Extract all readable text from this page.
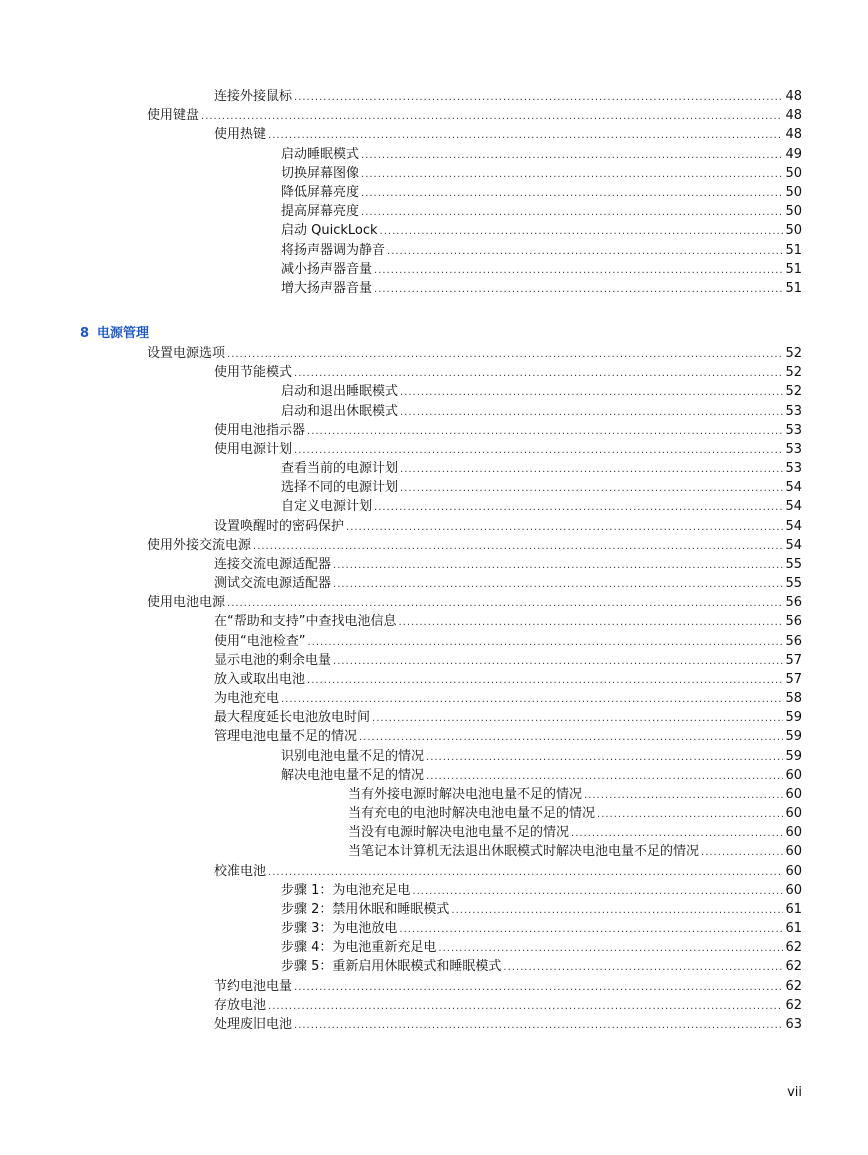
连接外接鼠标 .....	48
使用键盘 .....	48
使用热键 .....	48
启动睡眠模式 .....	49
切换屏幕图像 .....	50
降低屏幕亮度 .....	50
提高屏幕亮度 .....	50
启动 QuickLock .....	50
将扬声器调为静音 .....	51
减小扬声器音量 .....	51
增大扬声器音量 .....	51
8 电源管理
设置电源选项 .....	52
使用节能模式 .....	52
启动和退出睡眠模式 .....	52
启动和退出休眠模式 .....	53
使用电池指示器 .....	53
使用电源计划 .....	53
查看当前的电源计划 .....	53
选择不同的电源计划 .....	54
自定义电源计划 .....	54
设置唤醒时的密码保护 .....	54
使用外接交流电源 .....	54
连接交流电源适配器 .....	55
测试交流电源适配器 .....	55
使用电池电源 .....	56
在“帮助和支持”中查找电池信息 .....	56
使用“电池检查” .....	56
显示电池的剩余电量 .....	57
放入或取出电池 .....	57
为电池充电 .....	58
最大程度延长电池放电时间 .....	59
管理电池电量不足的情况 .....	59
识别电池电量不足的情况 .....	59
解决电池电量不足的情况 .....	60
当有外接电源时解决电池电量不足的情况 .....	60
当有充电的电池时解决电池电量不足的情况 .....	60
当没有电源时解决电池电量不足的情况 .....	60
当笔记本计算机无法退出休眠模式时解决电池电量不足的情况 .....	60
校准电池 .....	60
步骤 1：为电池充足电 .....	60
步骤 2：禁用休眠和睡眠模式 .....	61
步骤 3：为电池放电 .....	61
步骤 4：为电池重新充足电 .....	62
步骤 5：重新启用休眠模式和睡眠模式 .....	62
节约电池电量 .....	62
存放电池 .....	62
处理废旧电池 .....	63
vii
